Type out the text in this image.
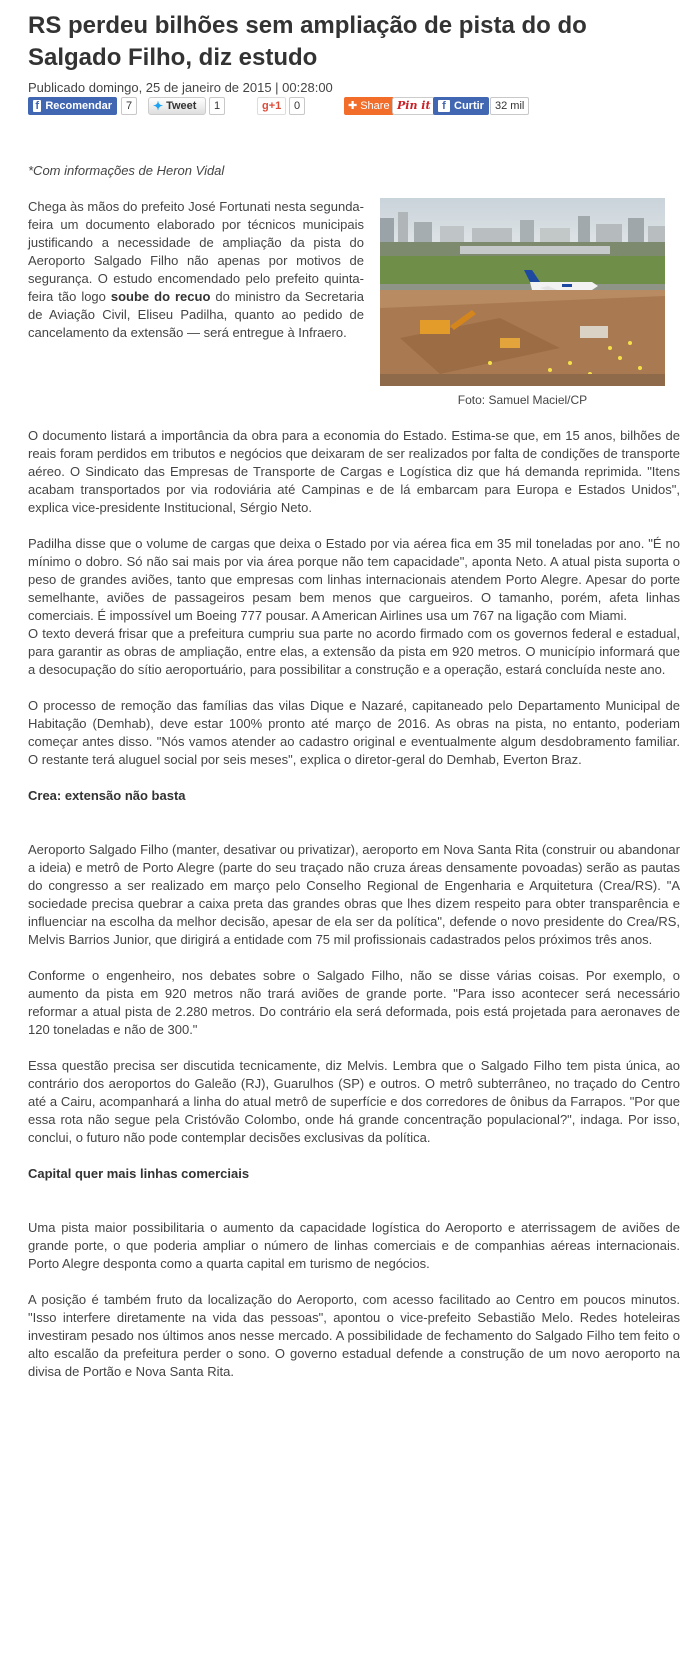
RS perdeu bilhões sem ampliação de pista do do Salgado Filho, diz estudo
Publicado domingo, 25 de janeiro de 2015 | 00:28:00
f Recomendar	7	✦ Tweet	1	g+1	0	✚ Share Pin it	f Curtir	32 mil
*Com informações de Heron Vidal
Foto: Samuel Maciel/CP

Chega às mãos do prefeito José Fortunati nesta segunda-feira um documento elaborado por técnicos municipais justificando a necessidade de ampliação da pista do Aeroporto Salgado Filho não apenas por motivos de segurança. O estudo encomendado pelo prefeito quinta-feira tão logo soube do recuo do ministro da Secretaria de Aviação Civil, Eliseu Padilha, quanto ao pedido de cancelamento da extensão — será entregue à Infraero.

O documento listará a importância da obra para a economia do Estado. Estima-se que, em 15 anos, bilhões de reais foram perdidos em tributos e negócios que deixaram de ser realizados por falta de condições de transporte aéreo. O Sindicato das Empresas de Transporte de Cargas e Logística diz que há demanda reprimida. "Itens acabam transportados por via rodoviária até Campinas e de lá embarcam para Europa e Estados Unidos", explica vice-presidente Institucional, Sérgio Neto.

Padilha disse que o volume de cargas que deixa o Estado por via aérea fica em 35 mil toneladas por ano. "É no mínimo o dobro. Só não sai mais por via área porque não tem capacidade", aponta Neto. A atual pista suporta o peso de grandes aviões, tanto que empresas com linhas internacionais atendem Porto Alegre. Apesar do porte semelhante, aviões de passageiros pesam bem menos que cargueiros. O tamanho, porém, afeta linhas comerciais. É impossível um Boeing 777 pousar. A American Airlines usa um 767 na ligação com Miami.

O texto deverá frisar que a prefeitura cumpriu sua parte no acordo firmado com os governos federal e estadual, para garantir as obras de ampliação, entre elas, a extensão da pista em 920 metros. O município informará que a desocupação do sítio aeroportuário, para possibilitar a construção e a operação, estará concluída neste ano.

O processo de remoção das famílias das vilas Dique e Nazaré, capitaneado pelo Departamento Municipal de Habitação (Demhab), deve estar 100% pronto até março de 2016. As obras na pista, no entanto, poderiam começar antes disso. "Nós vamos atender ao cadastro original e eventualmente algum desdobramento familiar. O restante terá aluguel social por seis meses", explica o diretor-geral do Demhab, Everton Braz.

Crea: extensão não basta

Aeroporto Salgado Filho (manter, desativar ou privatizar), aeroporto em Nova Santa Rita (construir ou abandonar a ideia) e metrô de Porto Alegre (parte do seu traçado não cruza áreas densamente povoadas) serão as pautas do congresso a ser realizado em março pelo Conselho Regional de Engenharia e Arquitetura (Crea/RS). "A sociedade precisa quebrar a caixa preta das grandes obras que lhes dizem respeito para obter transparência e influenciar na escolha da melhor decisão, apesar de ela ser da política", defende o novo presidente do Crea/RS, Melvis Barrios Junior, que dirigirá a entidade com 75 mil profissionais cadastrados pelos próximos três anos.

Conforme o engenheiro, nos debates sobre o Salgado Filho, não se disse várias coisas. Por exemplo, o aumento da pista em 920 metros não trará aviões de grande porte. "Para isso acontecer será necessário reformar a atual pista de 2.280 metros. Do contrário ela será deformada, pois está projetada para aeronaves de 120 toneladas e não de 300."

Essa questão precisa ser discutida tecnicamente, diz Melvis. Lembra que o Salgado Filho tem pista única, ao contrário dos aeroportos do Galeão (RJ), Guarulhos (SP) e outros. O metrô subterrâneo, no traçado do Centro até a Cairu, acompanhará a linha do atual metrô de superfície e dos corredores de ônibus da Farrapos. "Por que essa rota não segue pela Cristóvão Colombo, onde há grande concentração populacional?", indaga. Por isso, conclui, o futuro não pode contemplar decisões exclusivas da política.

Capital quer mais linhas comerciais

Uma pista maior possibilitaria o aumento da capacidade logística do Aeroporto e aterrissagem de aviões de grande porte, o que poderia ampliar o número de linhas comerciais e de companhias aéreas internacionais. Porto Alegre desponta como a quarta capital em turismo de negócios.

A posição é também fruto da localização do Aeroporto, com acesso facilitado ao Centro em poucos minutos. "Isso interfere diretamente na vida das pessoas", apontou o vice-prefeito Sebastião Melo. Redes hoteleiras investiram pesado nos últimos anos nesse mercado. A possibilidade de fechamento do Salgado Filho tem feito o alto escalão da prefeitura perder o sono. O governo estadual defende a construção de um novo aeroporto na divisa de Portão e Nova Santa Rita.
